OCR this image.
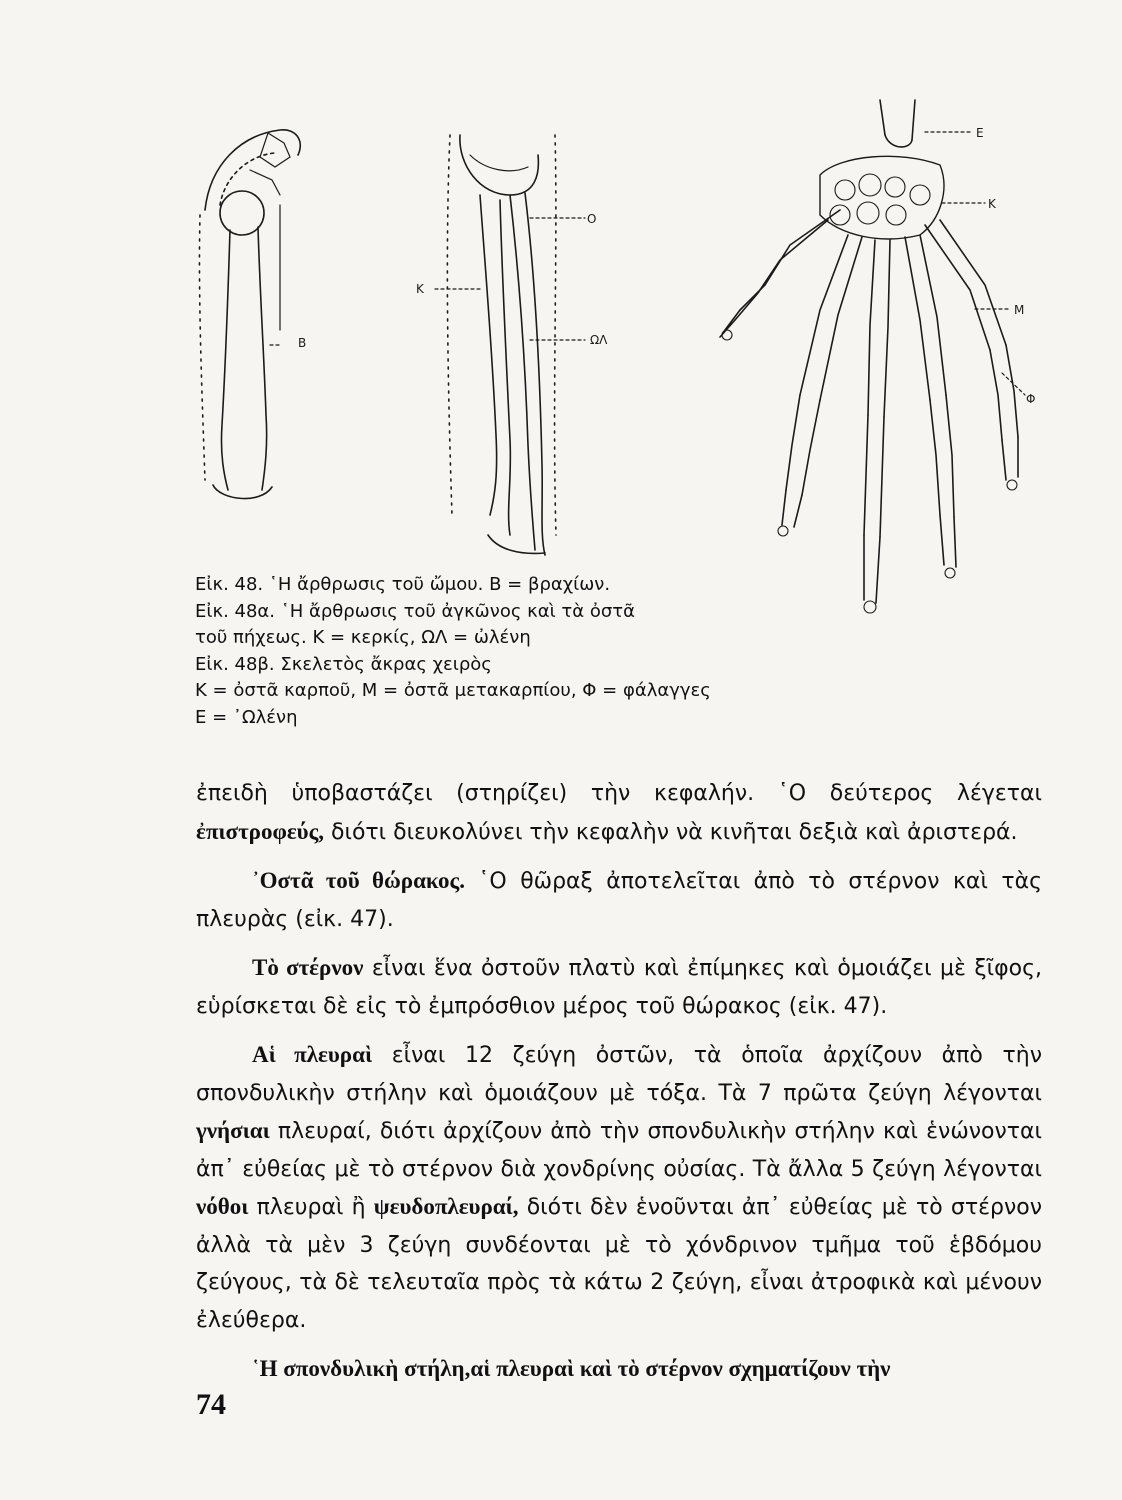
B
O
K
ΩΛ
E
K
M
Φ
Εἰκ. 48. ῾Η ἄρθρωσις τοῦ ὤμου. Β = βραχίων.
Εἰκ. 48α. ῾Η ἄρθρωσις τοῦ ἀγκῶνος καὶ τὰ ὀστᾶ
τοῦ πήχεως. Κ = κερκίς, ΩΛ = ὠλένη
Εἰκ. 48β. Σκελετὸς ἄκρας χειρὸς
Κ = ὀστᾶ καρποῦ, Μ = ὀστᾶ μετακαρπίου, Φ = φάλαγγες
Ε = ᾿Ωλένη

ἐπειδὴ ὑποβαστάζει (στηρίζει) τὴν κεφαλήν. ῾Ο δεύτερος λέγεται ἐπιστροφεύς, διότι διευκολύνει τὴν κεφαλὴν νὰ κινῆται δεξιὰ καὶ ἀριστερά.

᾿Οστᾶ τοῦ θώρακος. ῾Ο θῶραξ ἀποτελεῖται ἀπὸ τὸ στέρνον καὶ τὰς πλευρὰς (εἰκ. 47).

Τὸ στέρνον εἶναι ἕνα ὀστοῦν πλατὺ καὶ ἐπίμηκες καὶ ὁμοιάζει μὲ ξῖφος, εὑρίσκεται δὲ εἰς τὸ ἐμπρόσθιον μέρος τοῦ θώρακος (εἰκ. 47).

Αἱ πλευραὶ εἶναι 12 ζεύγη ὀστῶν, τὰ ὁποῖα ἀρχίζουν ἀπὸ τὴν σπονδυλικὴν στήλην καὶ ὁμοιάζουν μὲ τόξα. Τὰ 7 πρῶτα ζεύγη λέγονται γνήσιαι πλευραί, διότι ἀρχίζουν ἀπὸ τὴν σπονδυλικὴν στήλην καὶ ἑνώνονται ἀπ᾿ εὐθείας μὲ τὸ στέρνον διὰ χονδρίνης οὐσίας. Τὰ ἄλλα 5 ζεύγη λέγονται νόθοι πλευραὶ ἢ ψευδοπλευραί, διότι δὲν ἑνοῦνται ἀπ᾿ εὐθείας μὲ τὸ στέρνον ἀλλὰ τὰ μὲν 3 ζεύγη συνδέονται μὲ τὸ χόνδρινον τμῆμα τοῦ ἑβδόμου ζεύγους, τὰ δὲ τελευταῖα πρὸς τὰ κάτω 2 ζεύγη, εἶναι ἀτροφικὰ καὶ μένουν ἐλεύθερα.

῾Η σπονδυλικὴ στήλη,αἱ πλευραὶ καὶ τὸ στέρνον σχηματίζουν τὴν

74
